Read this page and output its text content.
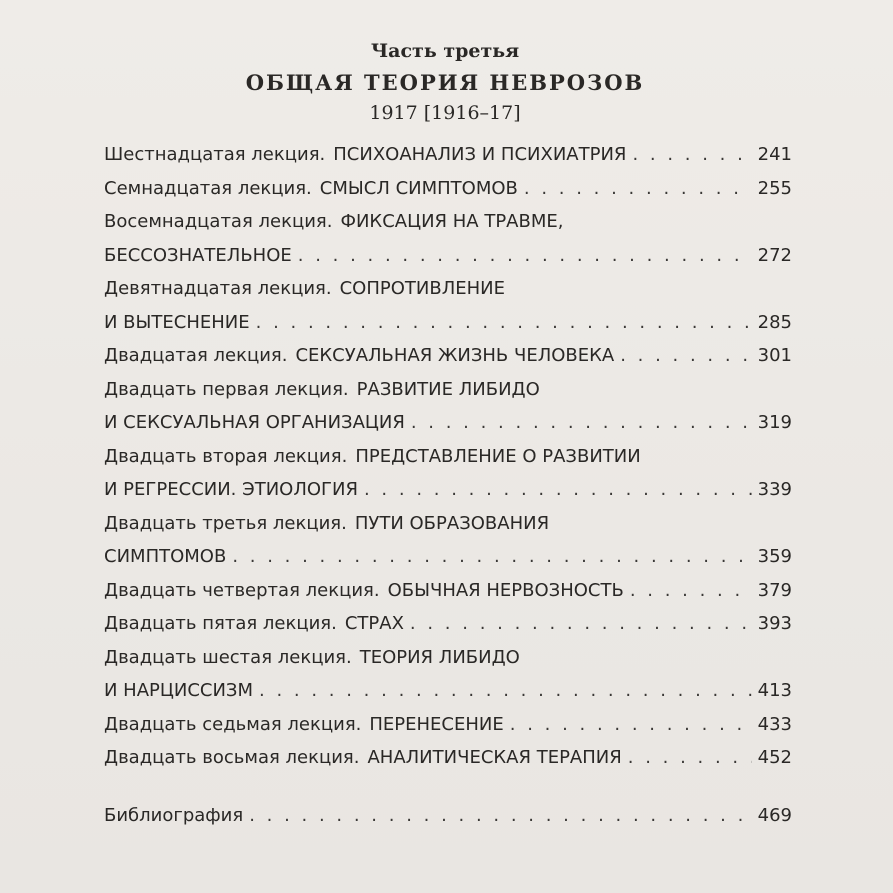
Часть третья
ОБЩАЯ ТЕОРИЯ НЕВРОЗОВ
1917 [1916–17]
Шестнадцатая лекция. ПСИХОАНАЛИЗ И ПСИХИАТРИЯ . . .	241
Семнадцатая лекция. СМЫСЛ СИМПТОМОВ . . .	255
Восемнадцатая лекция. ФИКСАЦИЯ НА ТРАВМЕ,
БЕССОЗНАТЕЛЬНОЕ . . .	272
Девятнадцатая лекция. СОПРОТИВЛЕНИЕ
И ВЫТЕСНЕНИЕ . . .	285
Двадцатая лекция. СЕКСУАЛЬНАЯ ЖИЗНЬ ЧЕЛОВЕКА . . .	301
Двадцать первая лекция. РАЗВИТИЕ ЛИБИДО
И СЕКСУАЛЬНАЯ ОРГАНИЗАЦИЯ . . .	319
Двадцать вторая лекция. ПРЕДСТАВЛЕНИЕ О РАЗВИТИИ
И РЕГРЕССИИ. ЭТИОЛОГИЯ . . .	339
Двадцать третья лекция. ПУТИ ОБРАЗОВАНИЯ
СИМПТОМОВ . . .	359
Двадцать четвертая лекция. ОБЫЧНАЯ НЕРВОЗНОСТЬ . . .	379
Двадцать пятая лекция. СТРАХ . . .	393
Двадцать шестая лекция. ТЕОРИЯ ЛИБИДО
И НАРЦИССИЗМ . . .	413
Двадцать седьмая лекция. ПЕРЕНЕСЕНИЕ . . .	433
Двадцать восьмая лекция. АНАЛИТИЧЕСКАЯ ТЕРАПИЯ . . .	452
Библиография . . .	469
